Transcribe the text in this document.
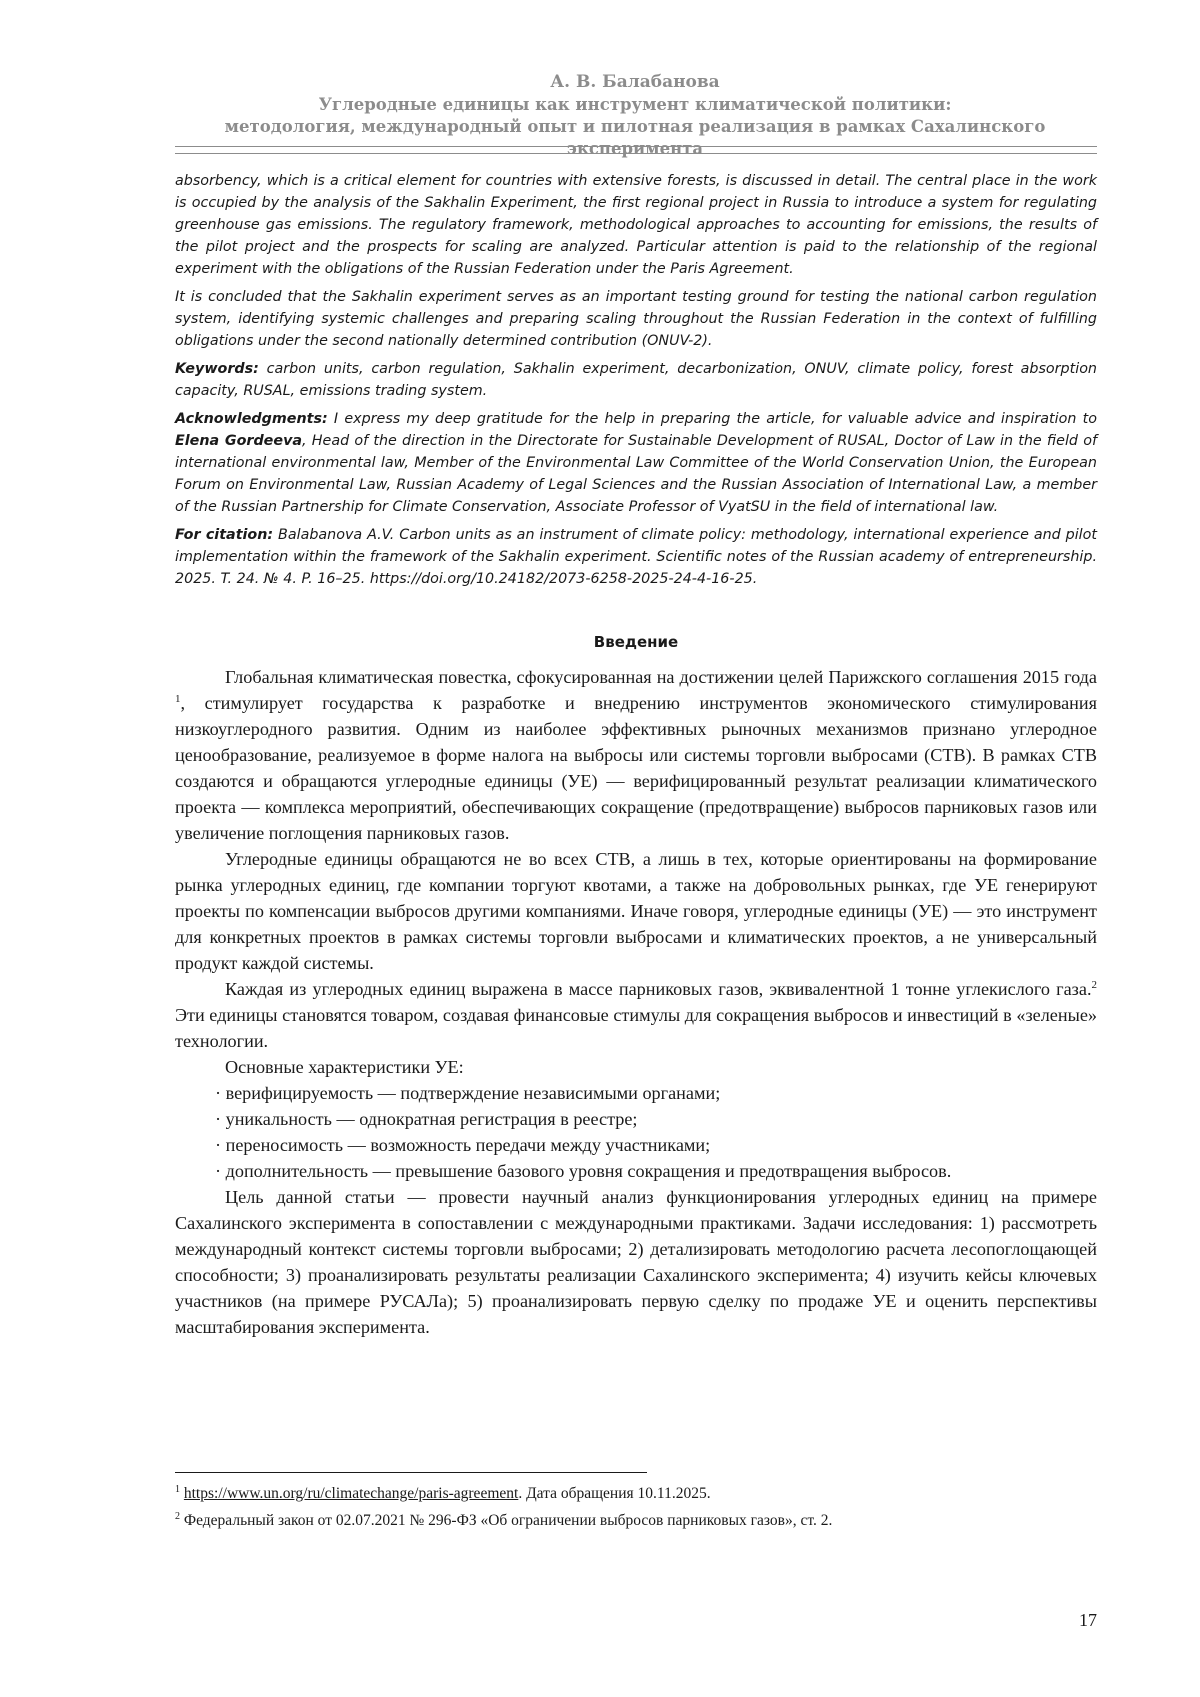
А. В. Балабанова
Углеродные единицы как инструмент климатической политики:
методология, международный опыт и пилотная реализация в рамках Сахалинского эксперимента

absorbency, which is a critical element for countries with extensive forests, is discussed in detail. The central place in the work is occupied by the analysis of the Sakhalin Experiment, the first regional project in Russia to introduce a system for regulating greenhouse gas emissions. The regulatory framework, methodological approaches to accounting for emissions, the results of the pilot project and the prospects for scaling are analyzed. Particular attention is paid to the relationship of the regional experiment with the obligations of the Russian Federation under the Paris Agreement.

It is concluded that the Sakhalin experiment serves as an important testing ground for testing the national carbon regulation system, identifying systemic challenges and preparing scaling throughout the Russian Federation in the context of fulfilling obligations under the second nationally determined contribution (ONUV-2).

Keywords: carbon units, carbon regulation, Sakhalin experiment, decarbonization, ONUV, climate policy, forest absorption capacity, RUSAL, emissions trading system.

Acknowledgments: I express my deep gratitude for the help in preparing the article, for valuable advice and inspiration to Elena Gordeeva, Head of the direction in the Directorate for Sustainable Development of RUSAL, Doctor of Law in the field of international environmental law, Member of the Environmental Law Committee of the World Conservation Union, the European Forum on Environmental Law, Russian Academy of Legal Sciences and the Russian Association of International Law, a member of the Russian Partnership for Climate Conservation, Associate Professor of VyatSU in the field of international law.

For citation: Balabanova A.V. Carbon units as an instrument of climate policy: methodology, international experience and pilot implementation within the framework of the Sakhalin experiment. Scientific notes of the Russian academy of entrepreneurship. 2025. T. 24. № 4. P. 16–25. https://doi.org/10.24182/2073-6258-2025-24-4-16-25.

Введение

Глобальная климатическая повестка, сфокусированная на достижении целей Парижского соглашения 2015 года $^1$, стимулирует государства к разработке и внедрению инструментов экономического стимулирования низкоуглеродного развития. Одним из наиболее эффективных рыночных механизмов признано углеродное ценообразование, реализуемое в форме налога на выбросы или системы торговли выбросами (СТВ). В рамках СТВ создаются и обращаются углеродные единицы (УЕ) — верифицированный результат реализации климатического проекта — комплекса мероприятий, обеспечивающих сокращение (предотвращение) выбросов парниковых газов или увеличение поглощения парниковых газов.

Углеродные единицы обращаются не во всех СТВ, а лишь в тех, которые ориентированы на формирование рынка углеродных единиц, где компании торгуют квотами, а также на добровольных рынках, где УЕ генерируют проекты по компенсации выбросов другими компаниями. Иначе говоря, углеродные единицы (УЕ) — это инструмент для конкретных проектов в рамках системы торговли выбросами и климатических проектов, а не универсальный продукт каждой системы.

Каждая из углеродных единиц выражена в массе парниковых газов, эквивалентной 1 тонне углекислого газа.$^2$ Эти единицы становятся товаром, создавая финансовые стимулы для сокращения выбросов и инвестиций в «зеленые» технологии.

Основные характеристики УЕ:

· верифицируемость — подтверждение независимыми органами;

· уникальность — однократная регистрация в реестре;

· переносимость — возможность передачи между участниками;

· дополнительность — превышение базового уровня сокращения и предотвращения выбросов.

Цель данной статьи — провести научный анализ функционирования углеродных единиц на примере Сахалинского эксперимента в сопоставлении с международными практиками. Задачи исследования: 1) рассмотреть международный контекст системы торговли выбросами; 2) детализировать методологию расчета лесопоглощающей способности; 3) проанализировать результаты реализации Сахалинского эксперимента; 4) изучить кейсы ключевых участников (на примере РУСАЛа); 5) проанализировать первую сделку по продаже УЕ и оценить перспективы масштабирования эксперимента.

$^1$ https://www.un.org/ru/climatechange/paris-agreement. Дата обращения 10.11.2025.
$^2$ Федеральный закон от 02.07.2021 № 296-ФЗ «Об ограничении выбросов парниковых газов», ст. 2.
17
